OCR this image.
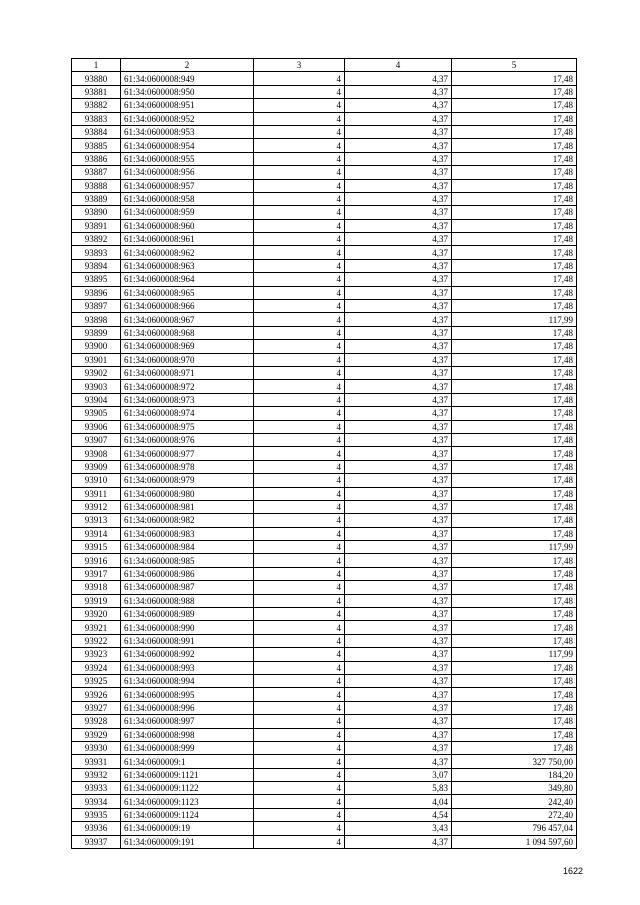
1	2	3	4	5
93880	61:34:0600008:949	4	4,37	17,48
93881	61:34:0600008:950	4	4,37	17,48
93882	61:34:0600008:951	4	4,37	17,48
93883	61:34:0600008:952	4	4,37	17,48
93884	61:34:0600008:953	4	4,37	17,48
93885	61:34:0600008:954	4	4,37	17,48
93886	61:34:0600008:955	4	4,37	17,48
93887	61:34:0600008:956	4	4,37	17,48
93888	61:34:0600008:957	4	4,37	17,48
93889	61:34:0600008:958	4	4,37	17,48
93890	61:34:0600008:959	4	4,37	17,48
93891	61:34:0600008:960	4	4,37	17,48
93892	61:34:0600008:961	4	4,37	17,48
93893	61:34:0600008:962	4	4,37	17,48
93894	61:34:0600008:963	4	4,37	17,48
93895	61:34:0600008:964	4	4,37	17,48
93896	61:34:0600008:965	4	4,37	17,48
93897	61:34:0600008:966	4	4,37	17,48
93898	61:34:0600008:967	4	4,37	117,99
93899	61:34:0600008:968	4	4,37	17,48
93900	61:34:0600008:969	4	4,37	17,48
93901	61:34:0600008:970	4	4,37	17,48
93902	61:34:0600008:971	4	4,37	17,48
93903	61:34:0600008:972	4	4,37	17,48
93904	61:34:0600008:973	4	4,37	17,48
93905	61:34:0600008:974	4	4,37	17,48
93906	61:34:0600008:975	4	4,37	17,48
93907	61:34:0600008:976	4	4,37	17,48
93908	61:34:0600008:977	4	4,37	17,48
93909	61:34:0600008:978	4	4,37	17,48
93910	61:34:0600008:979	4	4,37	17,48
93911	61:34:0600008:980	4	4,37	17,48
93912	61:34:0600008:981	4	4,37	17,48
93913	61:34:0600008:982	4	4,37	17,48
93914	61:34:0600008:983	4	4,37	17,48
93915	61:34:0600008:984	4	4,37	117,99
93916	61:34:0600008:985	4	4,37	17,48
93917	61:34:0600008:986	4	4,37	17,48
93918	61:34:0600008:987	4	4,37	17,48
93919	61:34:0600008:988	4	4,37	17,48
93920	61:34:0600008:989	4	4,37	17,48
93921	61:34:0600008:990	4	4,37	17,48
93922	61:34:0600008:991	4	4,37	17,48
93923	61:34:0600008:992	4	4,37	117,99
93924	61:34:0600008:993	4	4,37	17,48
93925	61:34:0600008:994	4	4,37	17,48
93926	61:34:0600008:995	4	4,37	17,48
93927	61:34:0600008:996	4	4,37	17,48
93928	61:34:0600008:997	4	4,37	17,48
93929	61:34:0600008:998	4	4,37	17,48
93930	61:34:0600008:999	4	4,37	17,48
93931	61:34:0600009:1	4	4,37	327 750,00
93932	61:34:0600009:1121	4	3,07	184,20
93933	61:34:0600009:1122	4	5,83	349,80
93934	61:34:0600009:1123	4	4,04	242,40
93935	61:34:0600009:1124	4	4,54	272,40
93936	61:34:0600009:19	4	3,43	796 457,04
93937	61:34:0600009:191	4	4,37	1 094 597,60
1622
